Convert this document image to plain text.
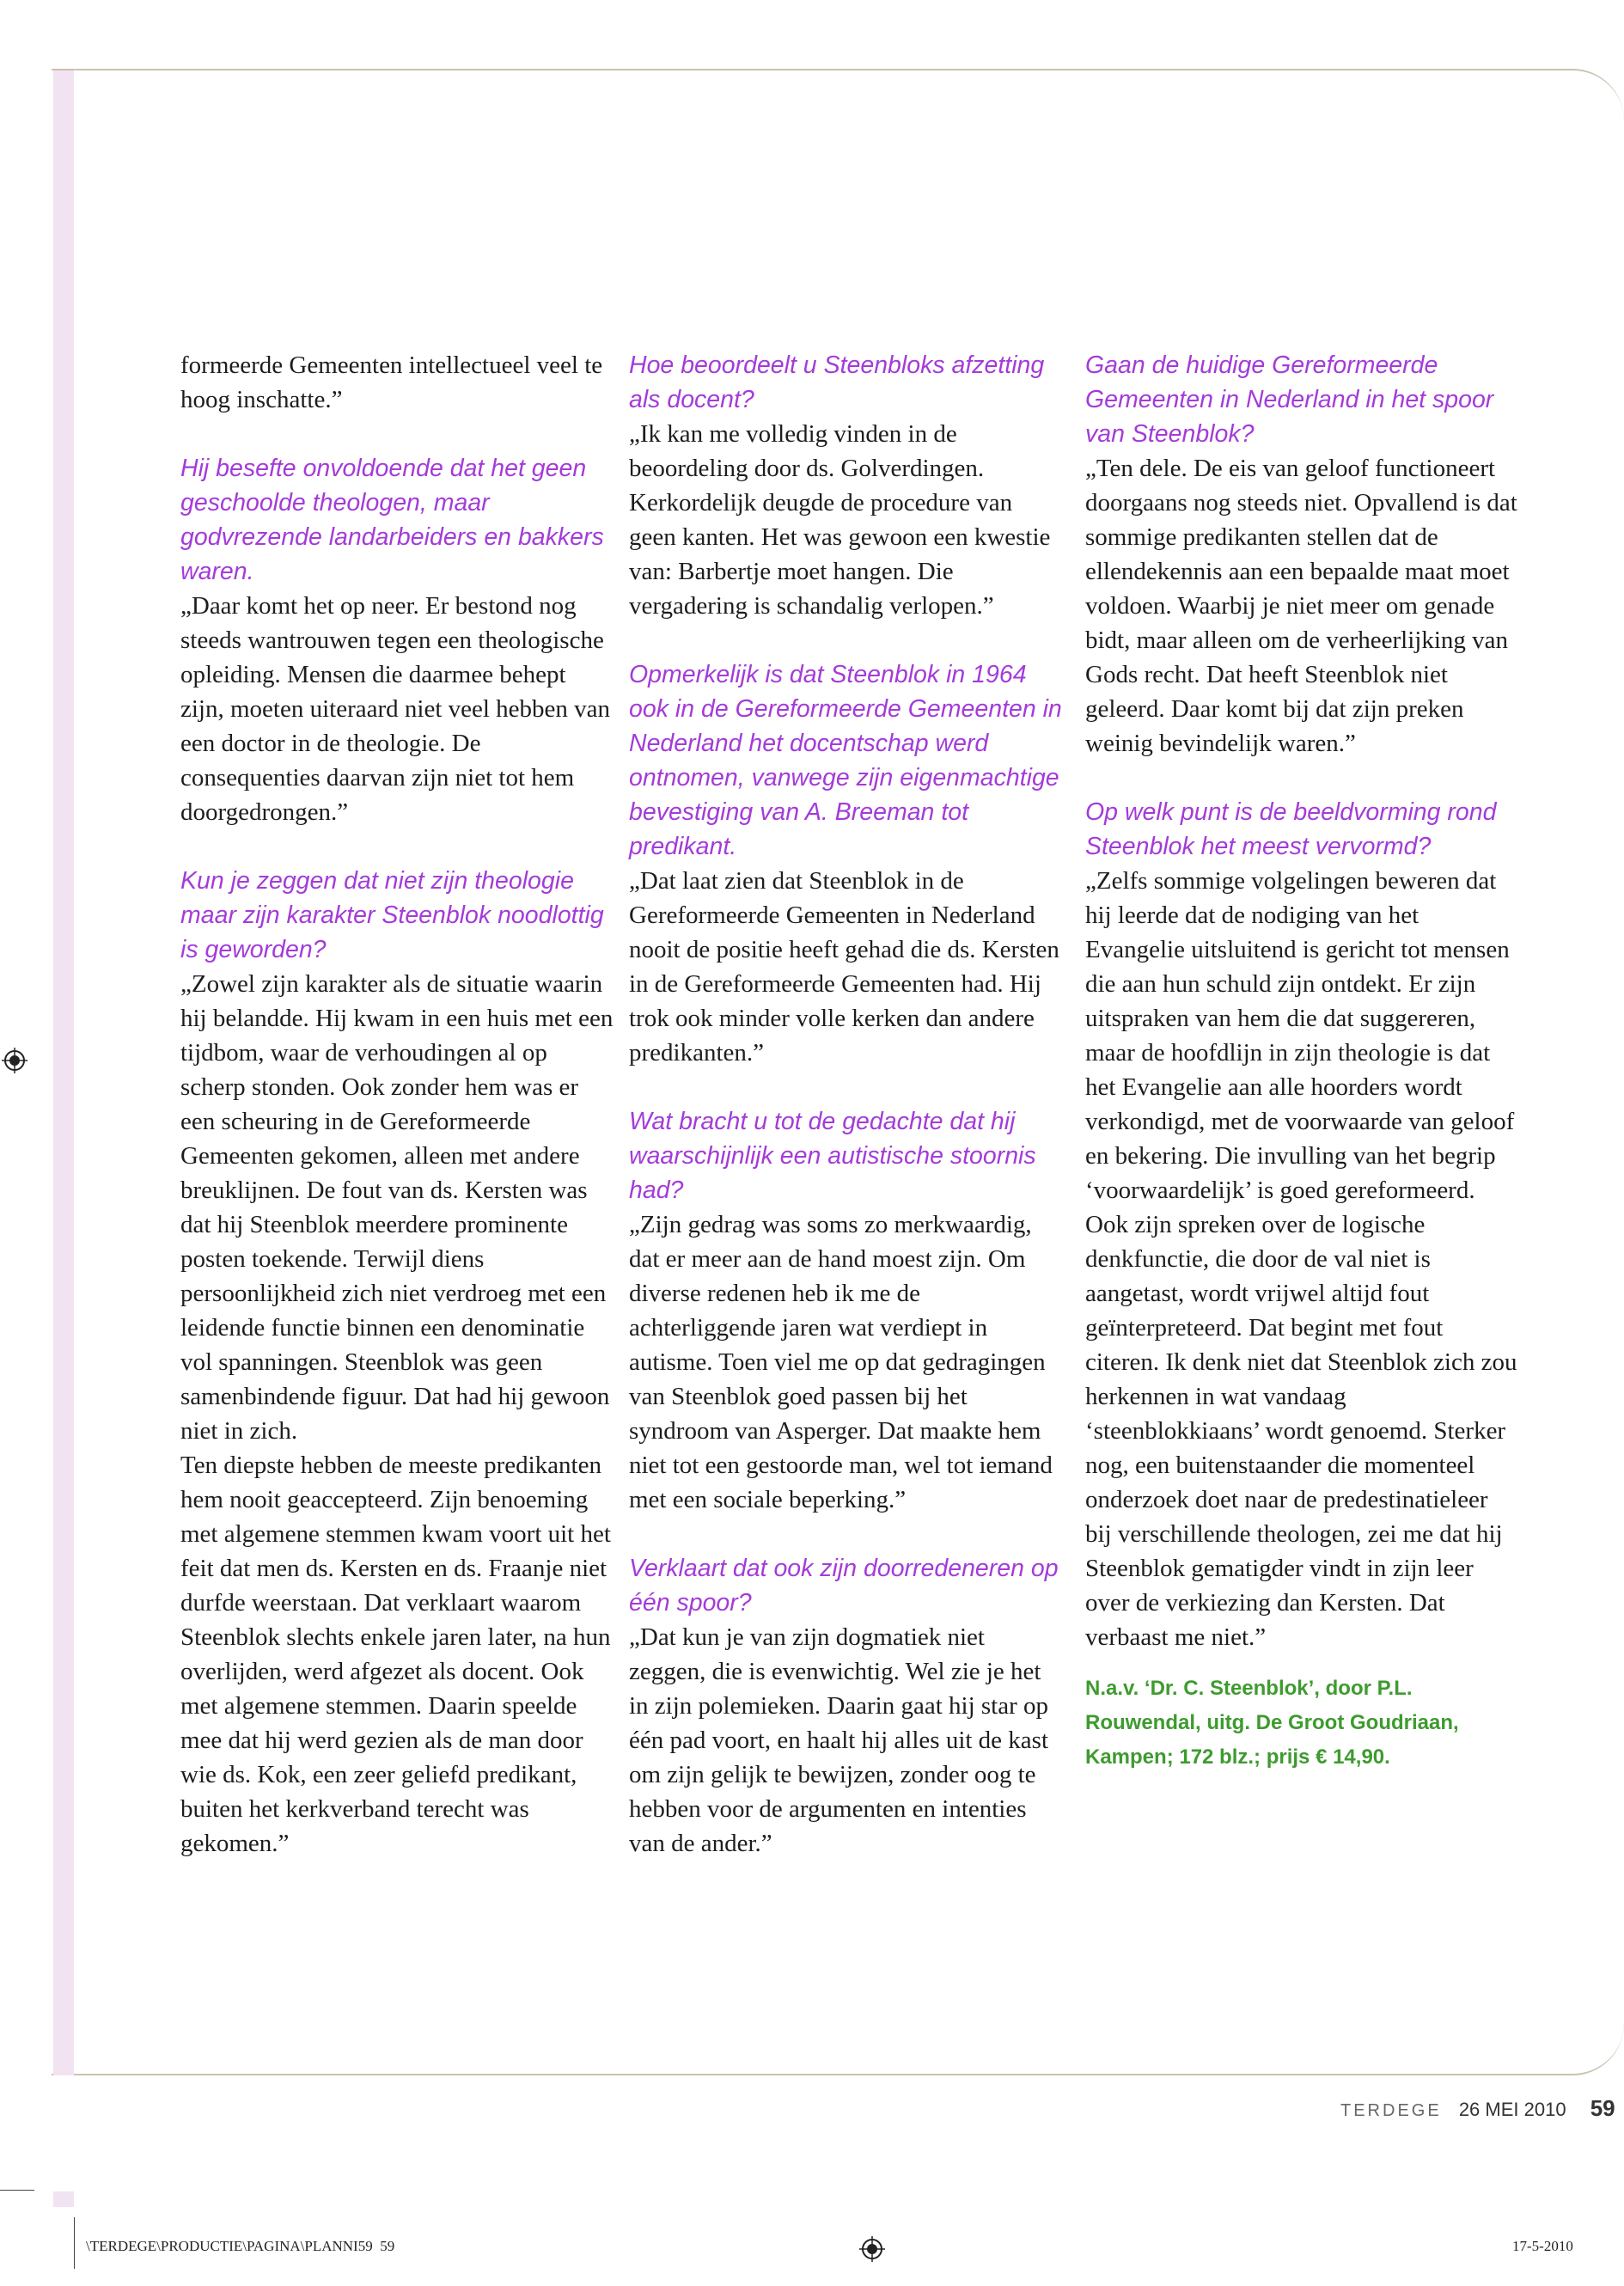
formeerde Gemeenten intellectueel veel te hoog inschatte.”

Hij besefte onvoldoende dat het geen geschoolde theologen, maar godvrezende landarbeiders en bakkers waren.

„Daar komt het op neer. Er bestond nog steeds wantrouwen tegen een theologische opleiding. Mensen die daarmee behept zijn, moeten uiteraard niet veel hebben van een doctor in de theologie. De consequenties daarvan zijn niet tot hem doorgedrongen.”

Kun je zeggen dat niet zijn theologie maar zijn karakter Steenblok noodlottig is geworden?

„Zowel zijn karakter als de situatie waarin hij belandde. Hij kwam in een huis met een tijdbom, waar de verhoudingen al op scherp stonden. Ook zonder hem was er een scheuring in de Gereformeerde Gemeenten gekomen, alleen met andere breuklijnen. De fout van ds. Kersten was dat hij Steenblok meerdere prominente posten toekende. Terwijl diens persoonlijkheid zich niet verdroeg met een leidende functie binnen een denominatie vol spanningen. Steenblok was geen samenbindende figuur. Dat had hij gewoon niet in zich.

Ten diepste hebben de meeste predikanten hem nooit geaccepteerd. Zijn benoeming met algemene stemmen kwam voort uit het feit dat men ds. Kersten en ds. Fraanje niet durfde weerstaan. Dat verklaart waarom Steenblok slechts enkele jaren later, na hun overlijden, werd afgezet als docent. Ook met algemene stemmen. Daarin speelde mee dat hij werd gezien als de man door wie ds. Kok, een zeer geliefd predikant, buiten het kerkverband terecht was gekomen.”

Hoe beoordeelt u Steenbloks afzetting als docent?

„Ik kan me volledig vinden in de beoordeling door ds. Golverdingen. Kerkordelijk deugde de procedure van geen kanten. Het was gewoon een kwestie van: Barbertje moet hangen. Die vergadering is schandalig verlopen.”

Opmerkelijk is dat Steenblok in 1964 ook in de Gereformeerde Gemeenten in Nederland het docentschap werd ontnomen, vanwege zijn eigenmachtige bevestiging van A. Breeman tot predikant.

„Dat laat zien dat Steenblok in de Gereformeerde Gemeenten in Nederland nooit de positie heeft gehad die ds. Kersten in de Gereformeerde Gemeenten had. Hij trok ook minder volle kerken dan andere predikanten.”

Wat bracht u tot de gedachte dat hij waarschijnlijk een autistische stoornis had?

„Zijn gedrag was soms zo merkwaardig, dat er meer aan de hand moest zijn. Om diverse redenen heb ik me de achterliggende jaren wat verdiept in autisme. Toen viel me op dat gedragingen van Steenblok goed passen bij het syndroom van Asperger. Dat maakte hem niet tot een gestoorde man, wel tot iemand met een sociale beperking.”

Verklaart dat ook zijn doorredeneren op één spoor?

„Dat kun je van zijn dogmatiek niet zeggen, die is evenwichtig. Wel zie je het in zijn polemieken. Daarin gaat hij star op één pad voort, en haalt hij alles uit de kast om zijn gelijk te bewijzen, zonder oog te hebben voor de argumenten en intenties van de ander.”

Gaan de huidige Gereformeerde Gemeenten in Nederland in het spoor van Steenblok?

„Ten dele. De eis van geloof functioneert doorgaans nog steeds niet. Opvallend is dat sommige predikanten stellen dat de ellendekennis aan een bepaalde maat moet voldoen. Waarbij je niet meer om genade bidt, maar alleen om de verheerlijking van Gods recht. Dat heeft Steenblok niet geleerd. Daar komt bij dat zijn preken weinig bevindelijk waren.”

Op welk punt is de beeldvorming rond Steenblok het meest vervormd?

„Zelfs sommige volgelingen beweren dat hij leerde dat de nodiging van het Evangelie uitsluitend is gericht tot mensen die aan hun schuld zijn ontdekt. Er zijn uitspraken van hem die dat suggereren, maar de hoofdlijn in zijn theologie is dat het Evangelie aan alle hoorders wordt verkondigd, met de voorwaarde van geloof en bekering. Die invulling van het begrip ‘voorwaardelijk’ is goed gereformeerd. Ook zijn spreken over de logische denkfunctie, die door de val niet is aangetast, wordt vrijwel altijd fout geïnterpreteerd. Dat begint met fout citeren. Ik denk niet dat Steenblok zich zou herkennen in wat vandaag ‘steenblokkiaans’ wordt genoemd. Sterker nog, een buitenstaander die momenteel onderzoek doet naar de predestinatieleer bij verschillende theologen, zei me dat hij Steenblok gematigder vindt in zijn leer over de verkiezing dan Kersten. Dat verbaast me niet.”

N.a.v. ‘Dr. C. Steenblok’, door P.L. Rouwendal, uitg. De Groot Goudriaan, Kampen; 172 blz.; prijs € 14,90.
TERDEGE 26 MEI 2010 59
\TERDEGE\PRODUCTIE\PAGINA\PLANNI59 59	17-5-2010
